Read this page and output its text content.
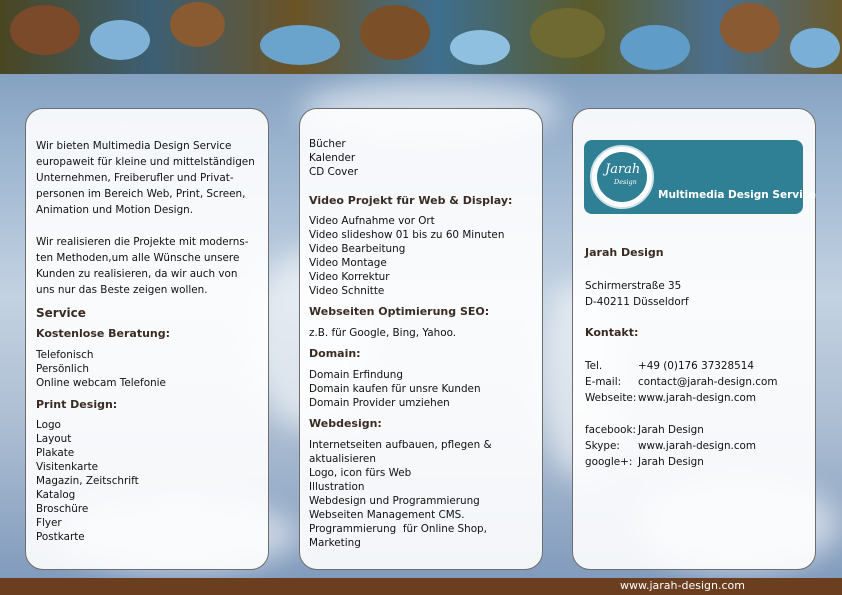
Wir bieten Multimedia Design Service
europaweit für kleine und mittelständigen
Unternehmen, Freiberufler und Privat-
personen im Bereich Web, Print, Screen,
Animation und Motion Design.
Wir realisieren die Projekte mit moderns-
ten Methoden,um alle Wünsche unsere
Kunden zu realisieren, da wir auch von
uns nur das Beste zeigen wollen.
Service
Kostenlose Beratung:
Telefonisch
Persönlich
Online webcam Telefonie
Print Design:
Logo
Layout
Plakate
Visitenkarte
Magazin, Zeitschrift
Katalog
Broschüre
Flyer
Postkarte
Bücher
Kalender
CD Cover
Video Projekt für Web & Display:
Video Aufnahme vor Ort
Video slideshow 01 bis zu 60 Minuten
Video Bearbeitung
Video Montage
Video Korrektur
Video Schnitte
Webseiten Optimierung SEO:
z.B. für Google, Bing, Yahoo.
Domain:
Domain Erfindung
Domain kaufen für unsre Kunden
Domain Provider umziehen
Webdesign:
Internetseiten aufbauen, pflegen &
aktualisieren
Logo, icon fürs Web
Illustration
Webdesign und Programmierung
Webseiten Management CMS.
Programmierung  für Online Shop,
Marketing
Jarah
Design
Multimedia Design Service
Jarah Design
Schirmerstraße 35
D-40211 Düsseldorf
Kontakt:
Tel.
E-mail:
Webseite:
+49 (0)176 37328514
contact@jarah-design.com
www.jarah-design.com
facebook:
Skype:
google+:
Jarah Design
www.jarah-design.com
Jarah Design
www.jarah-design.com
